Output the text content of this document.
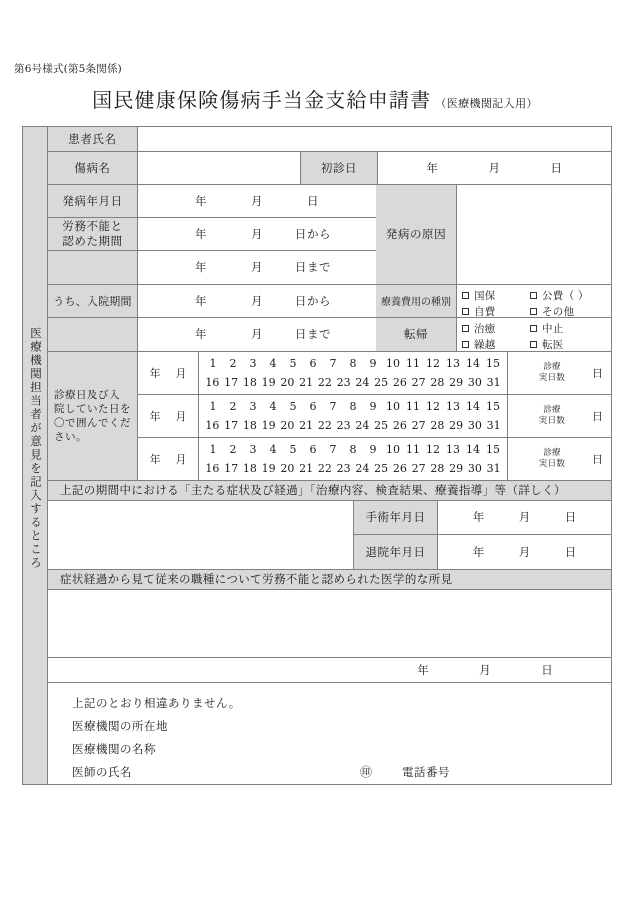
第6号様式(第5条関係)
国民健康保険傷病手当金支給申請書 （医療機関記入用）
医療機関担当者が意見を記入するところ
患者氏名
傷病名	初診日	年	月	日
発病年月日	年	月	日
労務不能と
認めた期間	年	月	日から
年	月	日まで
発病の原因
うち、入院期間	年	月	日から
年	月	日まで
療養費用の種別
国保	公費（ ）
自費	その他
転帰	治癒	中止
繰越	転医
診療日及び入
院していた日を
〇で囲んでくだ
さい。
年	月
1	2	3	4	5	6	7	8	9 10 11 12 13 14 15
16 17 18 19 20 21 22 23 24 25 26 27 28 29 30 31
診療
実日数	日
年	月
1	2	3	4	5	6	7	8	9 10 11 12 13 14 15
16 17 18 19 20 21 22 23 24 25 26 27 28 29 30 31
診療
実日数	日
年	月
1	2	3	4	5	6	7	8	9 10 11 12 13 14 15
16 17 18 19 20 21 22 23 24 25 26 27 28 29 30 31
診療
実日数	日
上記の期間中における「主たる症状及び経過」「治療内容、検査結果、療養指導」等（詳しく）
手術年月日	年	月	日
退院年月日	年	月	日
症状経過から見て従来の職種について労務不能と認められた医学的な所見
年	月	日
上記のとおり相違ありません。
医療機関の所在地
医療機関の名称
医師の氏名	㊞	電話番号
